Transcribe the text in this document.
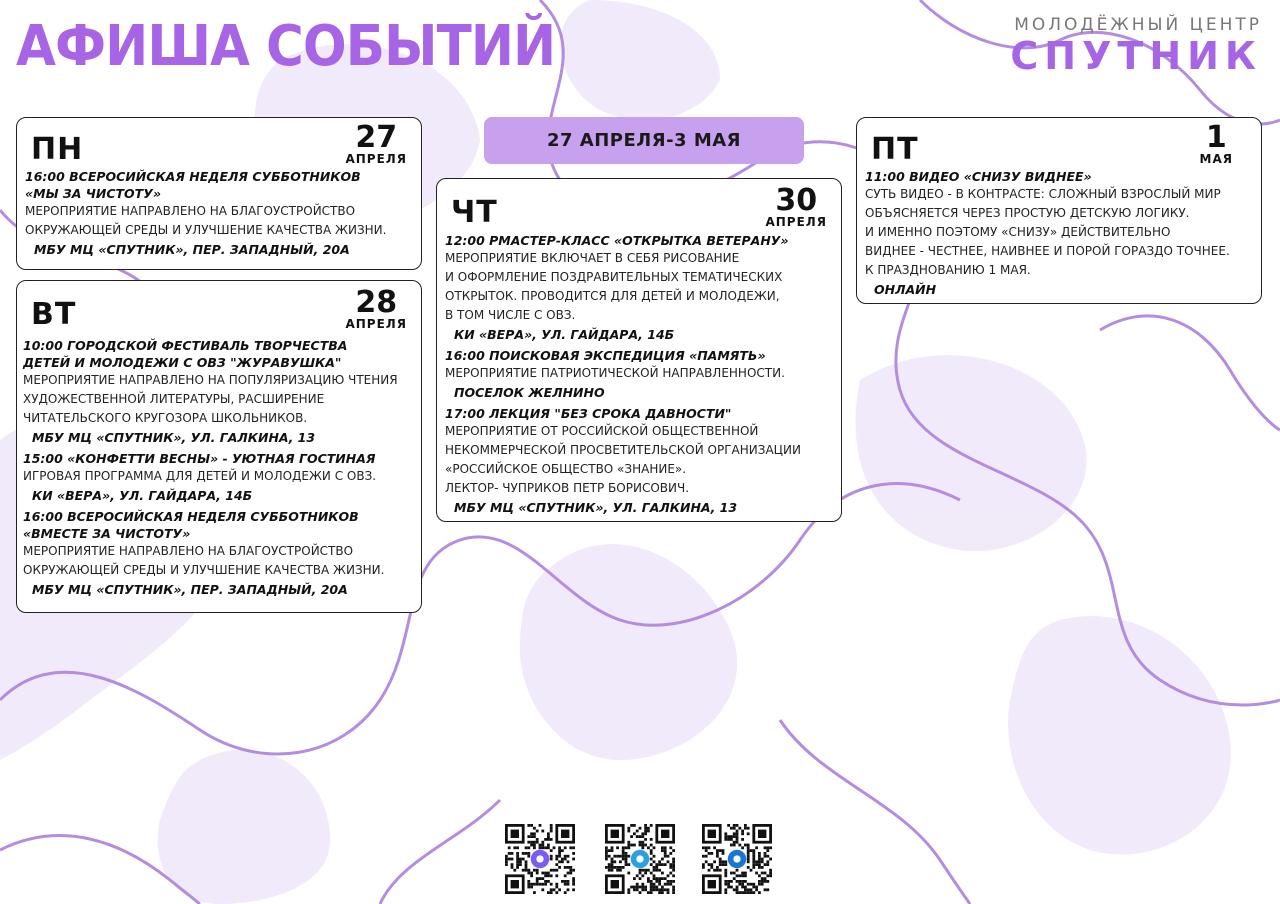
АФИША СОБЫТИЙ	МОЛОДЁЖНЫЙ ЦЕНТР
СПУТНИК
27 АПРЕЛЯ-3 МАЯ
ПН	27
АПРЕЛЯ
16:00 ВСЕРОСИЙСКАЯ НЕДЕЛЯ СУББОТНИКОВ
«МЫ ЗА ЧИСТОТУ»
МЕРОПРИЯТИЕ НАПРАВЛЕНО НА БЛАГОУСТРОЙСТВО
ОКРУЖАЮЩЕЙ СРЕДЫ И УЛУЧШЕНИЕ КАЧЕСТВА ЖИЗНИ.
МБУ МЦ «СПУТНИК», ПЕР. ЗАПАДНЫЙ, 20А
ВТ	28
АПРЕЛЯ
10:00 ГОРОДСКОЙ ФЕСТИВАЛЬ ТВОРЧЕСТВА
ДЕТЕЙ И МОЛОДЕЖИ С ОВЗ "ЖУРАВУШКА"
МЕРОПРИЯТИЕ НАПРАВЛЕНО НА ПОПУЛЯРИЗАЦИЮ ЧТЕНИЯ
ХУДОЖЕСТВЕННОЙ ЛИТЕРАТУРЫ, РАСШИРЕНИЕ
ЧИТАТЕЛЬСКОГО КРУГОЗОРА ШКОЛЬНИКОВ.
МБУ МЦ «СПУТНИК», УЛ. ГАЛКИНА, 13
15:00 «КОНФЕТТИ ВЕСНЫ» - УЮТНАЯ ГОСТИНАЯ
ИГРОВАЯ ПРОГРАММА ДЛЯ ДЕТЕЙ И МОЛОДЕЖИ С ОВЗ.
КИ «ВЕРА», УЛ. ГАЙДАРА, 14Б
16:00 ВСЕРОСИЙСКАЯ НЕДЕЛЯ СУББОТНИКОВ
«ВМЕСТЕ ЗА ЧИСТОТУ»
МЕРОПРИЯТИЕ НАПРАВЛЕНО НА БЛАГОУСТРОЙСТВО
ОКРУЖАЮЩЕЙ СРЕДЫ И УЛУЧШЕНИЕ КАЧЕСТВА ЖИЗНИ.
МБУ МЦ «СПУТНИК», ПЕР. ЗАПАДНЫЙ, 20А
ЧТ	30
АПРЕЛЯ
12:00 РМАСТЕР-КЛАСС «ОТКРЫТКА ВЕТЕРАНУ»
МЕРОПРИЯТИЕ ВКЛЮЧАЕТ В СЕБЯ РИСОВАНИЕ
И ОФОРМЛЕНИЕ ПОЗДРАВИТЕЛЬНЫХ ТЕМАТИЧЕСКИХ
ОТКРЫТОК. ПРОВОДИТСЯ ДЛЯ ДЕТЕЙ И МОЛОДЕЖИ,
В ТОМ ЧИСЛЕ С ОВЗ.
КИ «ВЕРА», УЛ. ГАЙДАРА, 14Б
16:00 ПОИСКОВАЯ ЭКСПЕДИЦИЯ «ПАМЯТЬ»
МЕРОПРИЯТИЕ ПАТРИОТИЧЕСКОЙ НАПРАВЛЕННОСТИ.
ПОСЕЛОК ЖЕЛНИНО
17:00 ЛЕКЦИЯ "БЕЗ СРОКА ДАВНОСТИ"
МЕРОПРИЯТИЕ ОТ РОССИЙСКОЙ ОБЩЕСТВЕННОЙ
НЕКОММЕРЧЕСКОЙ ПРОСВЕТИТЕЛЬСКОЙ ОРГАНИЗАЦИИ
«РОССИЙСКОЕ ОБЩЕСТВО «ЗНАНИЕ».
ЛЕКТОР- ЧУПРИКОВ ПЕТР БОРИСОВИЧ.
МБУ МЦ «СПУТНИК», УЛ. ГАЛКИНА, 13
ПТ	1
МАЯ
11:00 ВИДЕО «СНИЗУ ВИДНЕЕ»
СУТЬ ВИДЕО - В КОНТРАСТЕ: СЛОЖНЫЙ ВЗРОСЛЫЙ МИР
ОБЪЯСНЯЕТСЯ ЧЕРЕЗ ПРОСТУЮ ДЕТСКУЮ ЛОГИКУ.
И ИМЕННО ПОЭТОМУ «СНИЗУ» ДЕЙСТВИТЕЛЬНО
ВИДНЕЕ - ЧЕСТНЕЕ, НАИВНЕЕ И ПОРОЙ ГОРАЗДО ТОЧНЕЕ.
К ПРАЗДНОВАНИЮ 1 МАЯ.
ОНЛАЙН
